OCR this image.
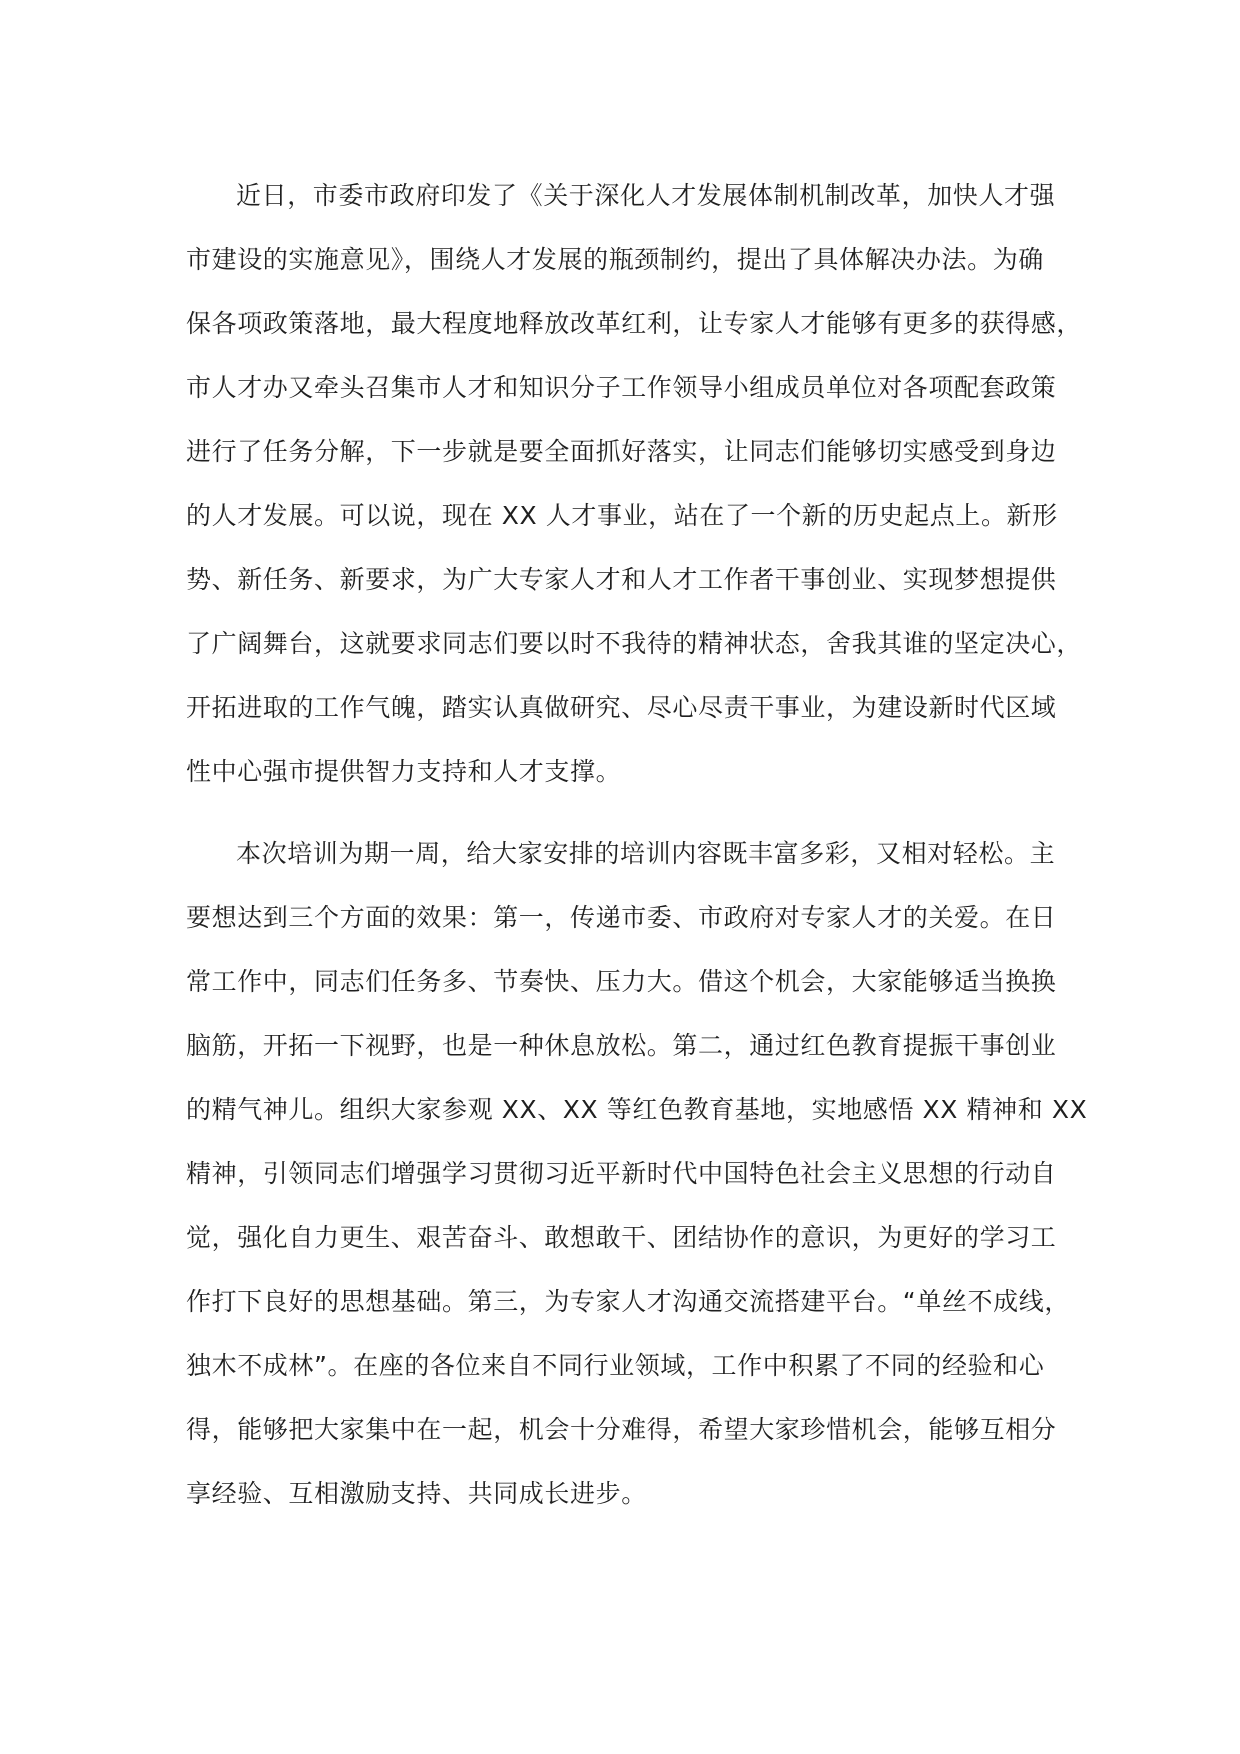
近日，市委市政府印发了《关于深化人才发展体制机制改革，加快人才强
市建设的实施意见》，围绕人才发展的瓶颈制约，提出了具体解决办法。为确
保各项政策落地，最大程度地释放改革红利，让专家人才能够有更多的获得感，
市人才办又牵头召集市人才和知识分子工作领导小组成员单位对各项配套政策
进行了任务分解，下一步就是要全面抓好落实，让同志们能够切实感受到身边
的人才发展。可以说，现在 XX 人才事业，站在了一个新的历史起点上。新形
势、新任务、新要求，为广大专家人才和人才工作者干事创业、实现梦想提供
了广阔舞台，这就要求同志们要以时不我待的精神状态，舍我其谁的坚定决心，
开拓进取的工作气魄，踏实认真做研究、尽心尽责干事业，为建设新时代区域
性中心强市提供智力支持和人才支撑。
本次培训为期一周，给大家安排的培训内容既丰富多彩，又相对轻松。主
要想达到三个方面的效果：第一，传递市委、市政府对专家人才的关爱。在日
常工作中，同志们任务多、节奏快、压力大。借这个机会，大家能够适当换换
脑筋，开拓一下视野，也是一种休息放松。第二，通过红色教育提振干事创业
的精气神儿。组织大家参观 XX、XX 等红色教育基地，实地感悟 XX 精神和 XX
精神，引领同志们增强学习贯彻习近平新时代中国特色社会主义思想的行动自
觉，强化自力更生、艰苦奋斗、敢想敢干、团结协作的意识，为更好的学习工
作打下良好的思想基础。第三，为专家人才沟通交流搭建平台。“单丝不成线，
独木不成林”。在座的各位来自不同行业领域，工作中积累了不同的经验和心
得，能够把大家集中在一起，机会十分难得，希望大家珍惜机会，能够互相分
享经验、互相激励支持、共同成长进步。
